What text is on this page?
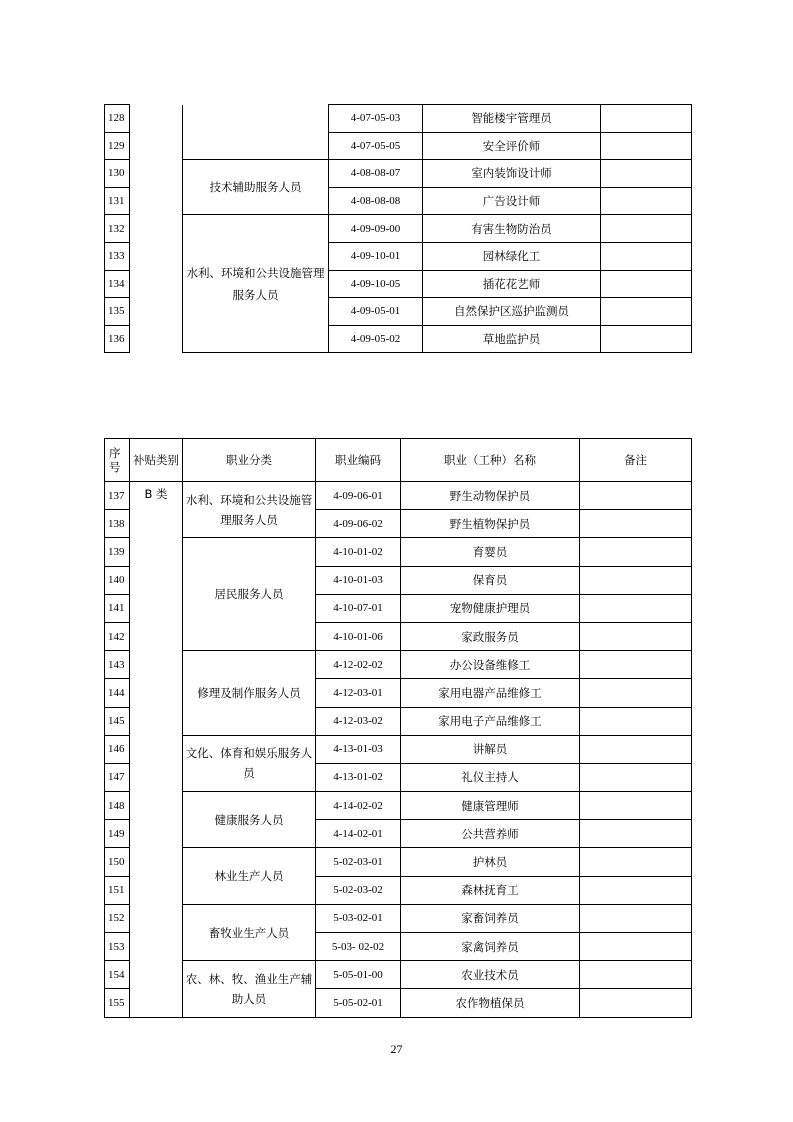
128			4-07-05-03	智能楼宇管理员	
129			4-07-05-05	安全评价师	
130		技术辅助服务人员	4-08-08-07	室内装饰设计师	
131			4-08-08-08	广告设计师	
132		水利、环境和公共设施管理服务人员	4-09-09-00	有害生物防治员	
133			4-09-10-01	园林绿化工	
134			4-09-10-05	插花花艺师	
135			4-09-05-01	自然保护区巡护监测员	
136			4-09-05-02	草地监护员	
序号	补贴类别	职业分类	职业编码	职业（工种）名称	备注
137	B 类	水利、环境和公共设施管理服务人员	4-09-06-01	野生动物保护员	
138			4-09-06-02	野生植物保护员	
139		居民服务人员	4-10-01-02	育婴员	
140			4-10-01-03	保育员	
141			4-10-07-01	宠物健康护理员	
142			4-10-01-06	家政服务员	
143		修理及制作服务人员	4-12-02-02	办公设备维修工	
144			4-12-03-01	家用电器产品维修工	
145			4-12-03-02	家用电子产品维修工	
146		文化、体育和娱乐服务人员	4-13-01-03	讲解员	
147			4-13-01-02	礼仪主持人	
148		健康服务人员	4-14-02-02	健康管理师	
149			4-14-02-01	公共营养师	
150		林业生产人员	5-02-03-01	护林员	
151			5-02-03-02	森林抚育工	
152		畜牧业生产人员	5-03-02-01	家畜饲养员	
153			5-03- 02-02	家禽饲养员	
154		农、林、牧、渔业生产辅助人员	5-05-01-00	农业技术员	
155			5-05-02-01	农作物植保员	
27
